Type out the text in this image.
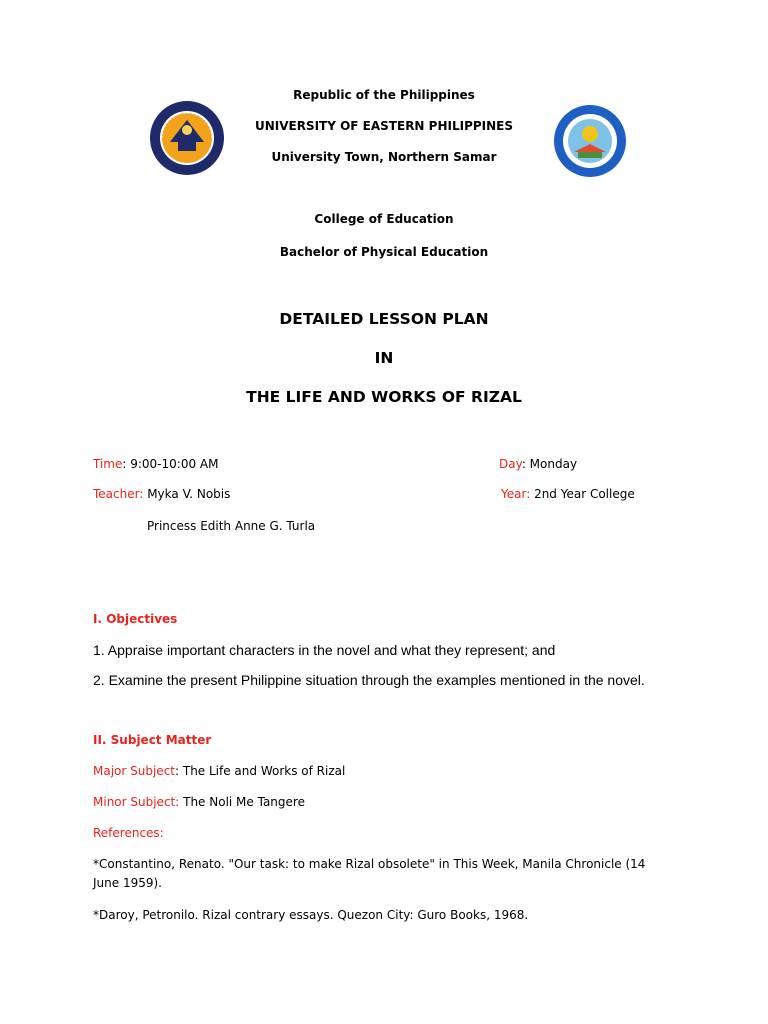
Republic of the Philippines
UNIVERSITY OF EASTERN PHILIPPINES
University Town, Northern Samar
College of Education
Bachelor of Physical Education
DETAILED LESSON PLAN
IN
THE LIFE AND WORKS OF RIZAL
Time: 9:00-10:00 AM	Day: Monday
Teacher: Myka V. Nobis	Year: 2nd Year College
Princess Edith Anne G. Turla
I. Objectives
1. Appraise important characters in the novel and what they represent; and
2. Examine the present Philippine situation through the examples mentioned in the novel.
II. Subject Matter
Major Subject: The Life and Works of Rizal
Minor Subject: The Noli Me Tangere
References:
*Constantino, Renato. "Our task: to make Rizal obsolete" in This Week, Manila Chronicle (14 June 1959).
*Daroy, Petronilo. Rizal contrary essays. Quezon City: Guro Books, 1968.
